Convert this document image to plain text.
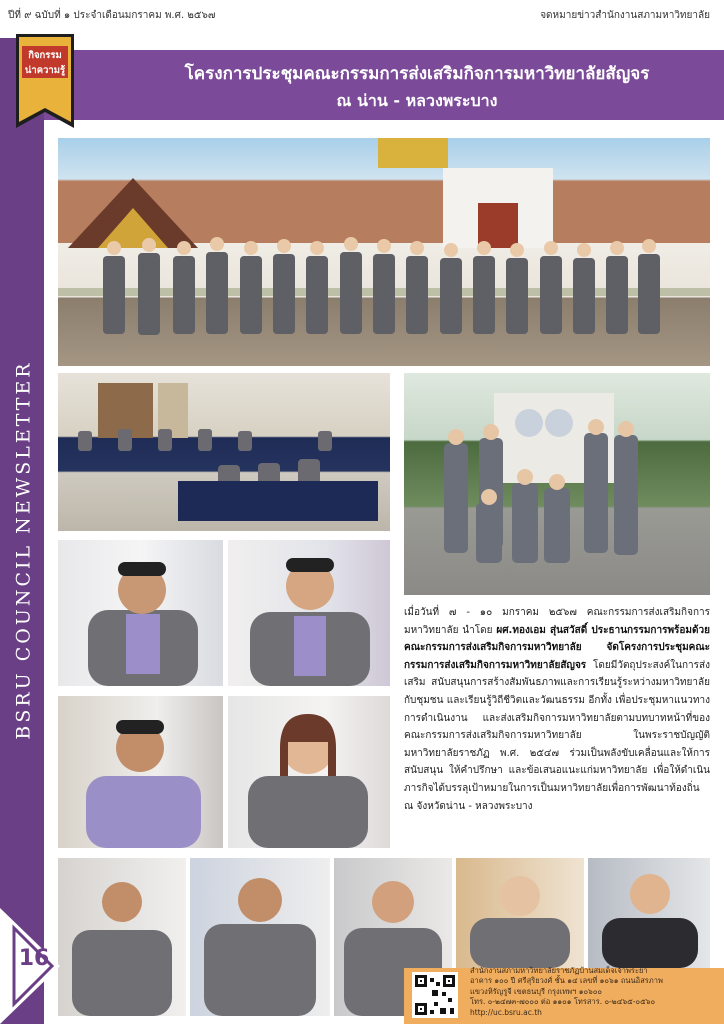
ปีที่ ๙ ฉบับที่ ๑ ประจำเดือนมกราคม พ.ศ. ๒๕๖๗	จดหมายข่าวสำนักงานสภามหาวิทยาลัย
BSRU COUNCIL NEWSLETTER
กิจกรรม
น่าความรู้	โครงการประชุมคณะกรรมการส่งเสริมกิจการมหาวิทยาลัยสัญจร
ณ น่าน - หลวงพระบาง
เมื่อวันที่ ๗ - ๑๐ มกราคม ๒๕๖๗ คณะกรรมการส่งเสริมกิจการมหาวิทยาลัย นำโดย ผศ.ทองเอม สุ่นสวัสดิ์ ประธานกรรมการพร้อมด้วย คณะกรรมการส่งเสริมกิจการมหาวิทยาลัย จัดโครงการประชุมคณะกรรมการส่งเสริมกิจการมหาวิทยาลัยสัญจร โดยมีวัตถุประสงค์ในการส่งเสริม สนับสนุนการสร้างสัมพันธภาพและการเรียนรู้ระหว่างมหาวิทยาลัยกับชุมชน และเรียนรู้วิถีชีวิตและวัฒนธรรม อีกทั้ง เพื่อประชุมหาแนวทางการดำเนินงาน และส่งเสริมกิจการมหาวิทยาลัยตามบทบาทหน้าที่ของคณะกรรมการส่งเสริมกิจการมหาวิทยาลัย ในพระราชบัญญัติมหาวิทยาลัยราชภัฏ พ.ศ. ๒๕๔๗ ร่วมเป็นพลังขับเคลื่อนและให้การสนับสนุน ให้คำปรึกษา และข้อเสนอแนะแก่มหาวิทยาลัย เพื่อให้ดำเนินภารกิจได้บรรลุเป้าหมายในการเป็นมหาวิทยาลัยเพื่อการพัฒนาท้องถิ่น ณ จังหวัดน่าน - หลวงพระบาง
16	สำนักงานสภามหาวิทยาลัยราชภัฏบ้านสมเด็จเจ้าพระยา
อาคาร ๑๐๐ ปี ศรีสุริยวงศ์ ชั้น ๑๔ เลขที่ ๑๐๖๑ ถนนอิสรภาพ
แขวงหิรัญรูจี เขตธนบุรี กรุงเทพฯ ๑๐๖๐๐
โทร. ๐-๒๔๗๓-๗๐๐๐ ต่อ ๑๑๐๑ โทรสาร. ๐-๒๔๖๕-๐๕๖๐
http://uc.bsru.ac.th
